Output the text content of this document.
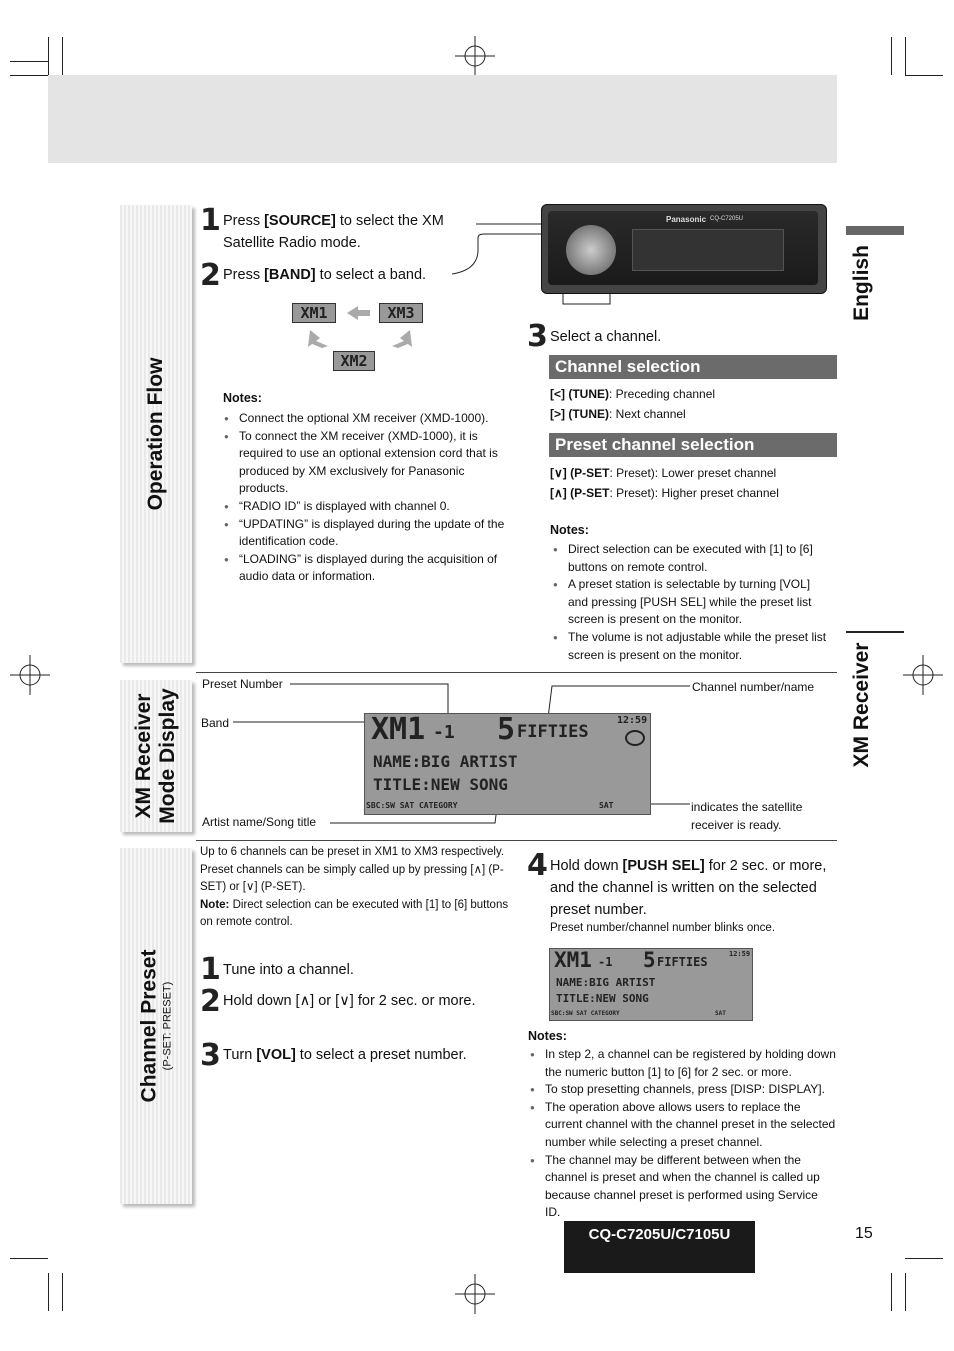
Operation Flow
XM Receiver
Mode Display
Channel Preset (P-SET: PRESET)
English
XM Receiver
1 Press [SOURCE] to select the XM Satellite Radio mode.
2 Press [BAND] to select a band.
XM1	XM3
XM2
Notes:
● Connect the optional XM receiver (XMD-1000).
● To connect the XM receiver (XMD-1000), it is required to use an optional extension cord that is produced by XM exclusively for Panasonic products.
● “RADIO ID” is displayed with channel 0.
● “UPDATING” is displayed during the update of the identification code.
● “LOADING” is displayed during the acquisition of audio data or information.
Panasonic CQ-C7205U
3 Select a channel.
Channel selection
[<] (TUNE): Preceding channel
[>] (TUNE): Next channel
Preset channel selection
[∨] (P-SET: Preset): Lower preset channel
[∧] (P-SET: Preset): Higher preset channel
Notes:
● Direct selection can be executed with [1] to [6] buttons on remote control.
● A preset station is selectable by turning [VOL] and pressing [PUSH SEL] while the preset list screen is present on the monitor.
● The volume is not adjustable while the preset list screen is present on the monitor.
Preset Number
Band
Artist name/Song title
Channel number/name
indicates the satellite receiver is ready.
XM1 -1 5 FIFTIES
12:59
NAME:BIG ARTIST
TITLE:NEW SONG
SBC:SW SAT CATEGORY	SAT
Up to 6 channels can be preset in XM1 to XM3 respectively.
Preset channels can be simply called up by pressing [∧] (P-SET) or [∨] (P-SET).
Note: Direct selection can be executed with [1] to [6] buttons on remote control.
1 Tune into a channel.
2 Hold down [∧] or [∨] for 2 sec. or more.
3 Turn [VOL] to select a preset number.
4 Hold down [PUSH SEL] for 2 sec. or more, and the channel is written on the selected preset number.
Preset number/channel number blinks once.
XM1 -1 5 FIFTIES
12:59
NAME:BIG ARTIST
TITLE:NEW SONG
SBC:SW SAT CATEGORY	SAT
Notes:
● In step 2, a channel can be registered by holding down the numeric button [1] to [6] for 2 sec. or more.
● To stop presetting channels, press [DISP: DISPLAY].
● The operation above allows users to replace the current channel with the channel preset in the selected number while selecting a preset channel.
● The channel may be different between when the channel is preset and when the channel is called up because channel preset is performed using Service ID.
CQ-C7205U/C7105U	15
